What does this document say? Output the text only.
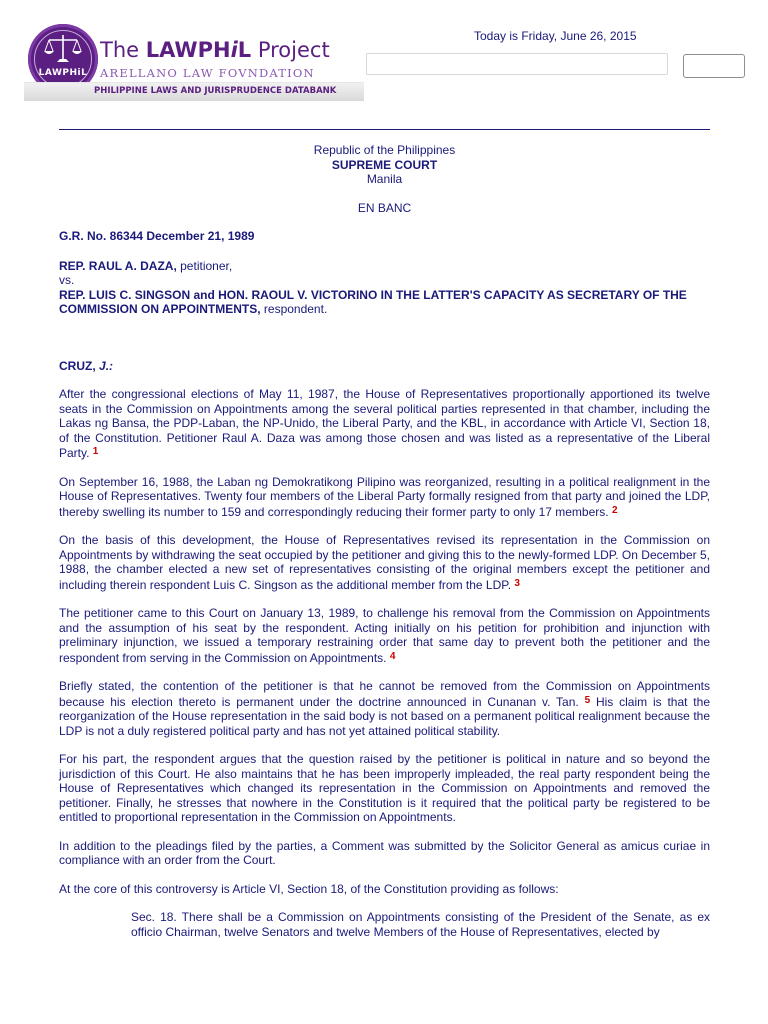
LAWPHiL
The LAWPHiL Project
ARELLANO LAW FOVNDATION
PHILIPPINE LAWS AND JURISPRUDENCE DATABANK
Today is Friday, June 26, 2015

Republic of the Philippines

SUPREME COURT

Manila

EN BANC

G.R. No. 86344 December 21, 1989

REP. RAUL A. DAZA, petitioner,

vs.

REP. LUIS C. SINGSON and HON. RAOUL V. VICTORINO IN THE LATTER'S CAPACITY AS SECRETARY OF THE COMMISSION ON APPOINTMENTS, respondent.

CRUZ, J.:

After the congressional elections of May 11, 1987, the House of Representatives proportionally apportioned its twelve seats in the Commission on Appointments among the several political parties represented in that chamber, including the Lakas ng Bansa, the PDP-Laban, the NP-Unido, the Liberal Party, and the KBL, in accordance with Article VI, Section 18, of the Constitution. Petitioner Raul A. Daza was among those chosen and was listed as a representative of the Liberal Party. $^1$

On September 16, 1988, the Laban ng Demokratikong Pilipino was reorganized, resulting in a political realignment in the House of Representatives. Twenty four members of the Liberal Party formally resigned from that party and joined the LDP, thereby swelling its number to 159 and correspondingly reducing their former party to only 17 members. $^2$

On the basis of this development, the House of Representatives revised its representation in the Commission on Appointments by withdrawing the seat occupied by the petitioner and giving this to the newly-formed LDP. On December 5, 1988, the chamber elected a new set of representatives consisting of the original members except the petitioner and including therein respondent Luis C. Singson as the additional member from the LDP. $^3$

The petitioner came to this Court on January 13, 1989, to challenge his removal from the Commission on Appointments and the assumption of his seat by the respondent. Acting initially on his petition for prohibition and injunction with preliminary injunction, we issued a temporary restraining order that same day to prevent both the petitioner and the respondent from serving in the Commission on Appointments. $^4$

Briefly stated, the contention of the petitioner is that he cannot be removed from the Commission on Appointments because his election thereto is permanent under the doctrine announced in Cunanan v. Tan. $^5$ His claim is that the reorganization of the House representation in the said body is not based on a permanent political realignment because the LDP is not a duly registered political party and has not yet attained political stability.

For his part, the respondent argues that the question raised by the petitioner is political in nature and so beyond the jurisdiction of this Court. He also maintains that he has been improperly impleaded, the real party respondent being the House of Representatives which changed its representation in the Commission on Appointments and removed the petitioner. Finally, he stresses that nowhere in the Constitution is it required that the political party be registered to be entitled to proportional representation in the Commission on Appointments.

In addition to the pleadings filed by the parties, a Comment was submitted by the Solicitor General as amicus curiae in compliance with an order from the Court.

At the core of this controversy is Article VI, Section 18, of the Constitution providing as follows:

Sec. 18. There shall be a Commission on Appointments consisting of the President of the Senate, as ex officio Chairman, twelve Senators and twelve Members of the House of Representatives, elected by
